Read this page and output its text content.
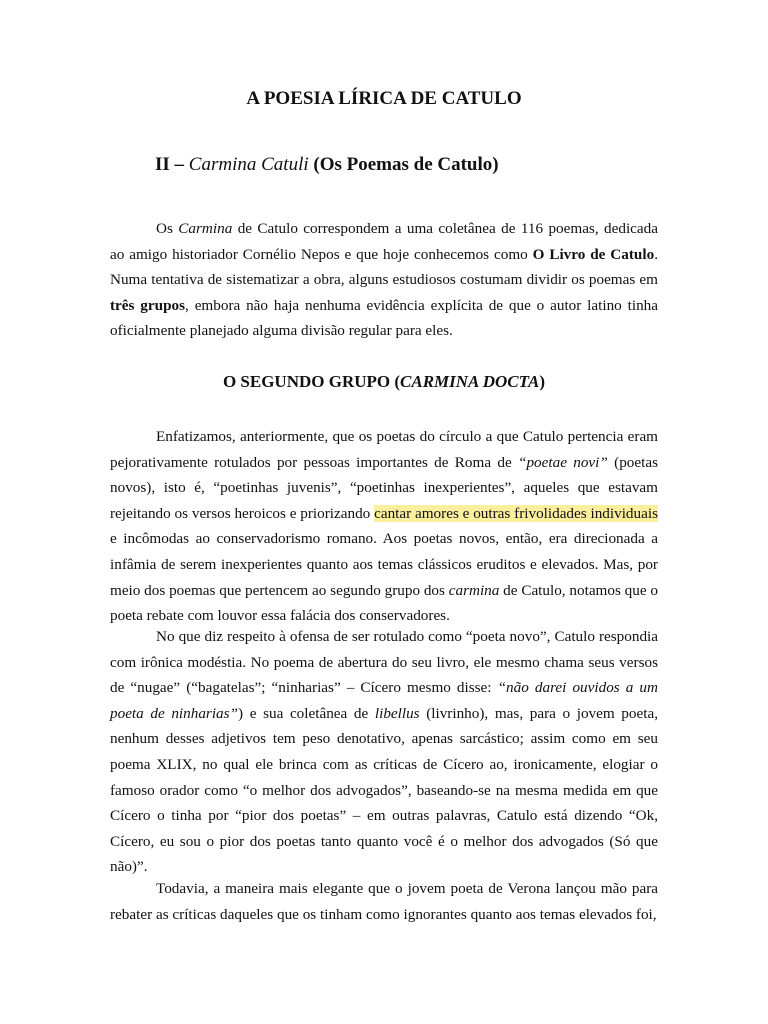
A POESIA LÍRICA DE CATULO
II – Carmina Catuli (Os Poemas de Catulo)

Os Carmina de Catulo correspondem a uma coletânea de 116 poemas, dedicada ao amigo historiador Cornélio Nepos e que hoje conhecemos como O Livro de Catulo. Numa tentativa de sistematizar a obra, alguns estudiosos costumam dividir os poemas em três grupos, embora não haja nenhuma evidência explícita de que o autor latino tinha oficialmente planejado alguma divisão regular para eles.

O SEGUNDO GRUPO (CARMINA DOCTA)

Enfatizamos, anteriormente, que os poetas do círculo a que Catulo pertencia eram pejorativamente rotulados por pessoas importantes de Roma de “poetae novi” (poetas novos), isto é, “poetinhas juvenis”, “poetinhas inexperientes”, aqueles que estavam rejeitando os versos heroicos e priorizando cantar amores e outras frivolidades individuais e incômodas ao conservadorismo romano. Aos poetas novos, então, era direcionada a infâmia de serem inexperientes quanto aos temas clássicos eruditos e elevados. Mas, por meio dos poemas que pertencem ao segundo grupo dos carmina de Catulo, notamos que o poeta rebate com louvor essa falácia dos conservadores.

No que diz respeito à ofensa de ser rotulado como “poeta novo”, Catulo respondia com irônica modéstia. No poema de abertura do seu livro, ele mesmo chama seus versos de “nugae” (“bagatelas”; “ninharias” – Cícero mesmo disse: “não darei ouvidos a um poeta de ninharias”) e sua coletânea de libellus (livrinho), mas, para o jovem poeta, nenhum desses adjetivos tem peso denotativo, apenas sarcástico; assim como em seu poema XLIX, no qual ele brinca com as críticas de Cícero ao, ironicamente, elogiar o famoso orador como “o melhor dos advogados”, baseando-se na mesma medida em que Cícero o tinha por “pior dos poetas” – em outras palavras, Catulo está dizendo “Ok, Cícero, eu sou o pior dos poetas tanto quanto você é o melhor dos advogados (Só que não)”.

Todavia, a maneira mais elegante que o jovem poeta de Verona lançou mão para rebater as críticas daqueles que os tinham como ignorantes quanto aos temas elevados foi,
